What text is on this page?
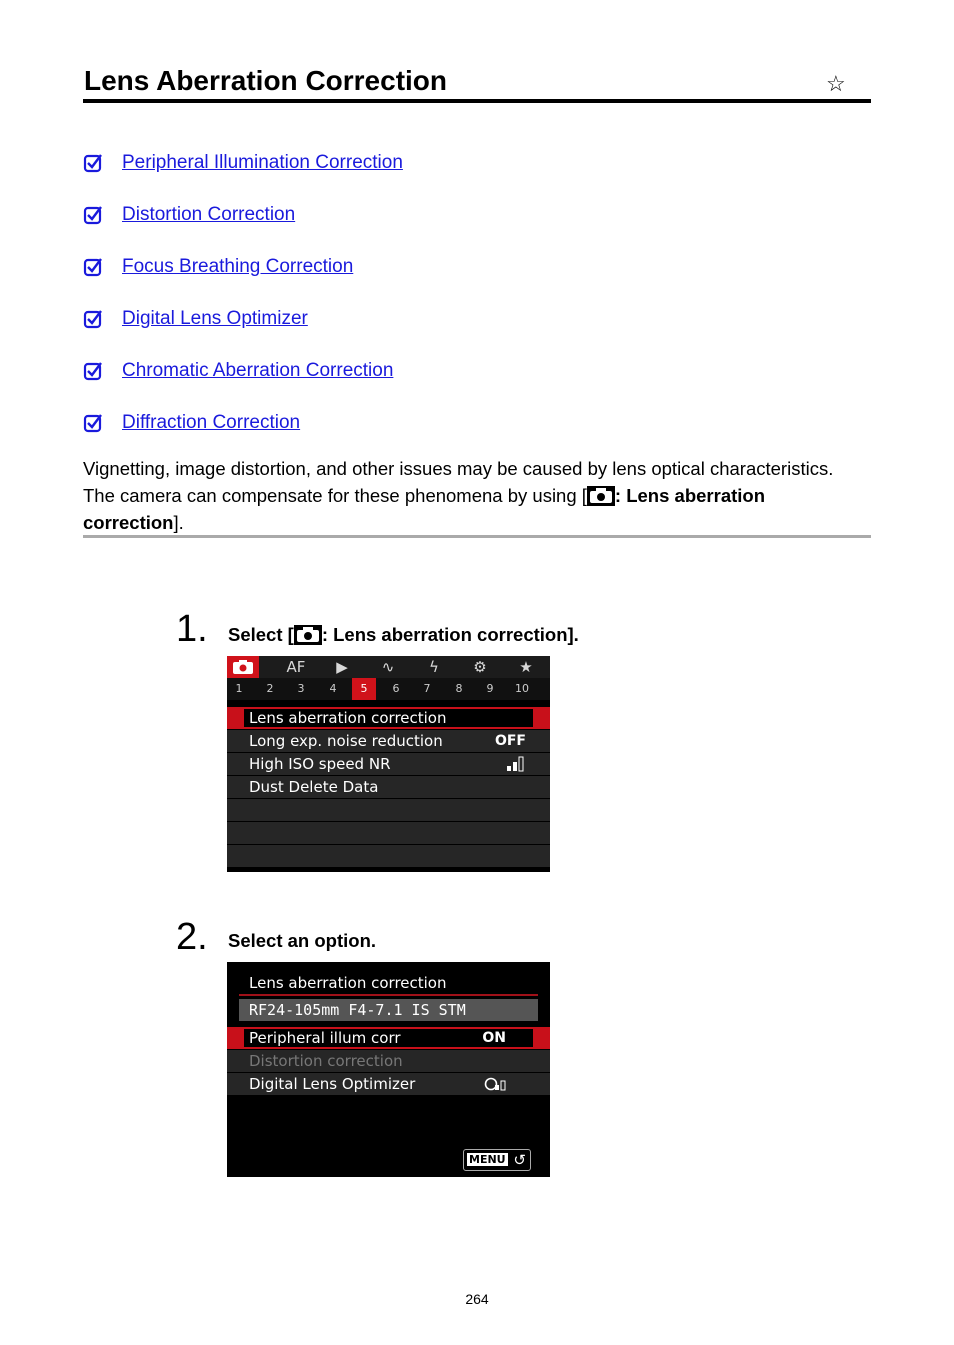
Lens Aberration Correction	☆
Peripheral Illumination Correction
Distortion Correction
Focus Breathing Correction
Digital Lens Optimizer
Chromatic Aberration Correction
Diffraction Correction

Vignetting, image distortion, and other issues may be caused by lens optical characteristics.
The camera can compensate for these phenomena by using [ : Lens aberration
correction].

1. Select [ : Lens aberration correction].
AF	▶	∿	ϟ	⚙	★
1	2	3	4	5	6	7	8	9	10
Lens aberration correction
Long exp. noise reduction	OFF
High ISO speed NR
Dust Delete Data
2. Select an option.
Lens aberration correction
RF24-105mm F4-7.1 IS STM
Peripheral illum corr	ON
Distortion correction
Digital Lens Optimizer
MENU ↺
264
